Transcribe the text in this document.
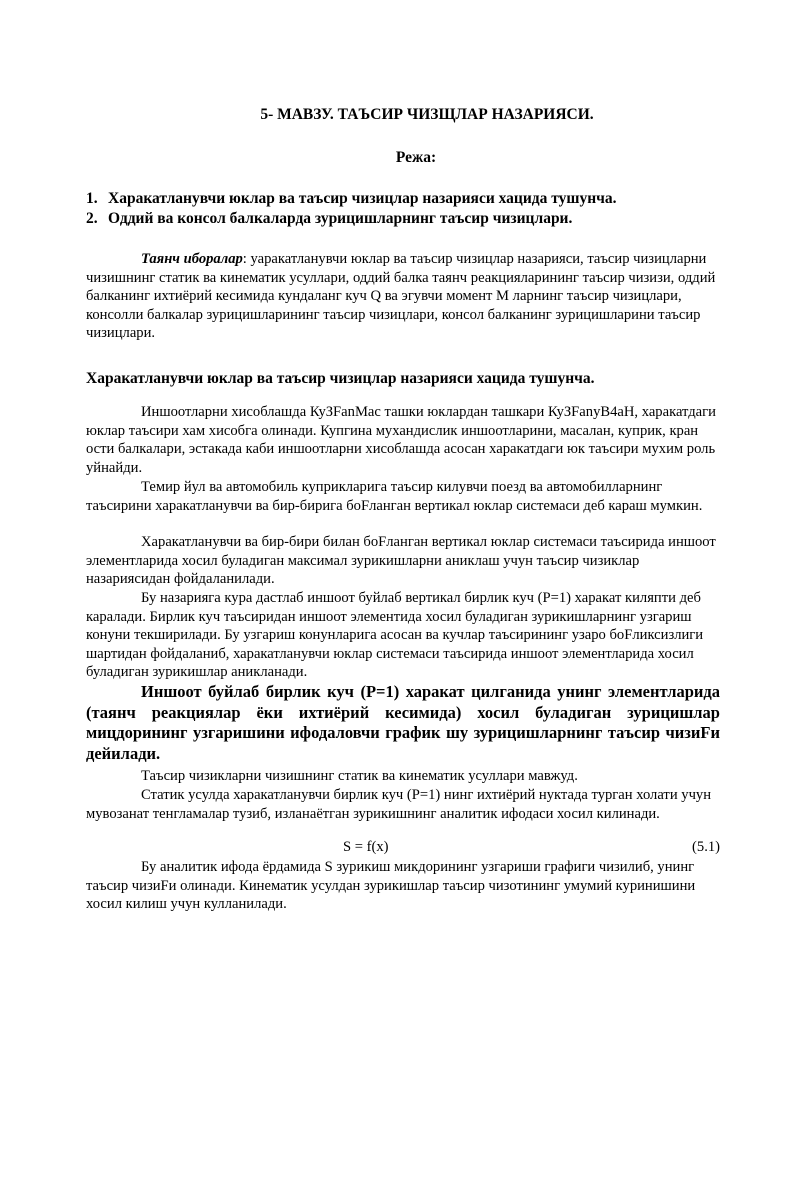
5- МАВЗУ. ТАЪСИР ЧИЗЩЛАР НАЗАРИЯСИ.

Режа:

1. Харакатланувчи юклар ва таъсир чизицлар назарияси хацида тушунча.

2. Оддий ва консол балкаларда зурицишларнинг таъсир чизицлари.

Таянч иборалар: уаракатланувчи юклар ва таъсир чизицлар назарияси, таъсир чизицларни чизишнинг статик ва кинематик усуллари, оддий балка таянч реакцияларининг таъсир чизизи, оддий балканинг ихтиёрий кесимида кундаланг куч Q ва эгувчи момент М ларнинг таъсир чизицлари, консолли балкалар зурицишларининг таъсир чизицлари, консол балканинг зурицишларини таъсир чизицлари.

Харакатланувчи юклар ва таъсир чизицлар назарияси хацида тушунча.

Иншоотларни хисоблашда КуЗFanMac ташки юклардан ташкари КуЗFanyB4aH, харакатдаги юклар таъсири хам хисобга олинади. Купгина мухандислик иншоотларини, масалан, куприк, кран ости балкалари, эстакада каби иншоотларни хисоблашда асосан харакатдаги юк таъсири мухим роль уйнайди.

Темир йул ва автомобиль куприкларига таъсир килувчи поезд ва автомобилларнинг таъсирини харакатланувчи ва бир-бирига боFланган вертикал юклар системаси деб караш мумкин.

Харакатланувчи ва бир-бири билан боFланган вертикал юклар системаси таъсирида иншоот элементларида хосил буладиган максимал зурикишларни аниклаш учун таъсир чизиклар назариясидан фойдаланилади.

Бу назарияга кура дастлаб иншоот буйлаб вертикал бирлик куч (Р=1) харакат киляпти деб каралади. Бирлик куч таъсиридан иншоот элементида хосил буладиган зурикишларнинг узгариш конуни текширилади. Бу узгариш конунларига асосан ва кучлар таъсирининг узаро боFликсизлиги шартидан фойдаланиб, харакатланувчи юклар системаси таъсирида иншоот элементларида хосил буладиган зурикишлар аникланади.

Иншоот буйлаб бирлик куч (Р=1) харакат цилганида унинг элементларида (таянч реакциялар ёки ихтиёрий кесимида) хосил буладиган зурицишлар мицдорининг узгаришини ифодаловчи график шу зурицишларнинг таъсир чизиFи дейилади.

Таъсир чизикларни чизишнинг статик ва кинематик усуллари мавжуд.

Статик усулда харакатланувчи бирлик куч (Р=1) нинг ихтиёрий нуктада турган холати учун мувозанат тенгламалар тузиб, изланаётган зурикишнинг аналитик ифодаси хосил килинади.

S = f(x)	(5.1)

Бу аналитик ифода ёрдамида S зурикиш микдорининг узгариши графиги чизилиб, унинг таъсир чизиFи олинади. Кинематик усулдан зурикишлар таъсир чизотининг умумий куринишини хосил килиш учун кулланилади.
